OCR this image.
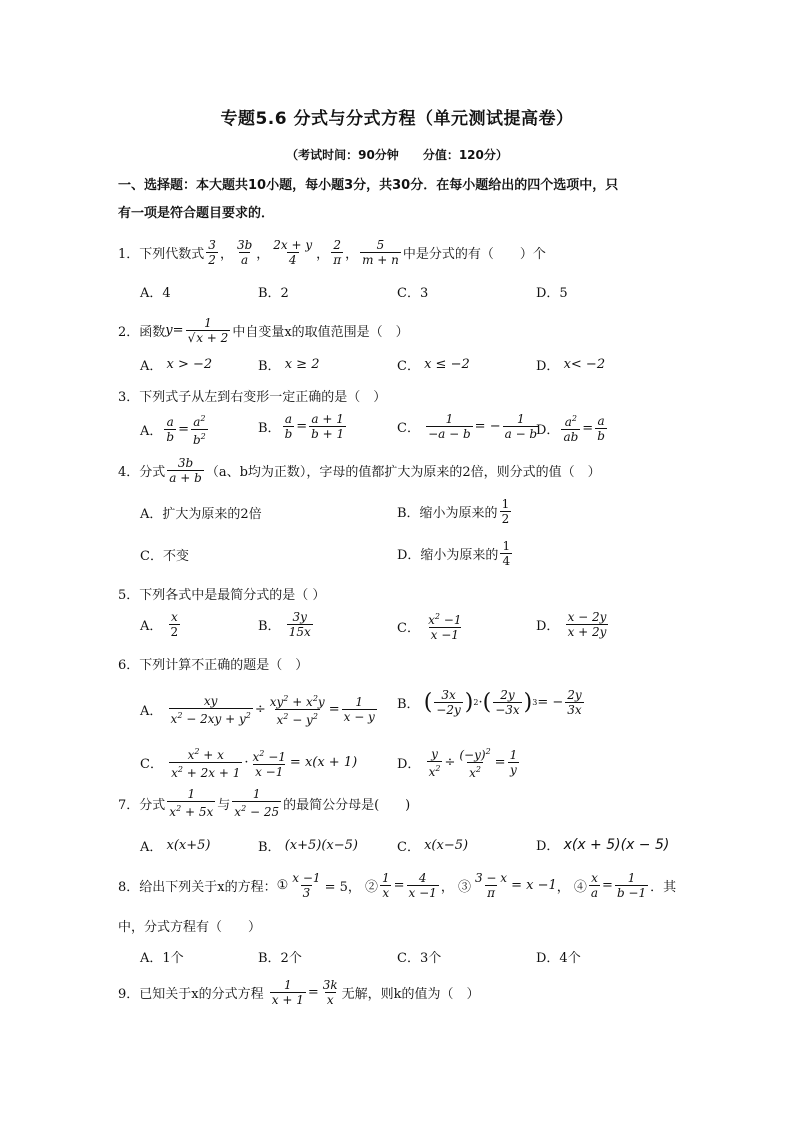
专题5.6 分式与分式方程（单元测试提高卷）
（考试时间：90分钟 分值：120分）
一、选择题：本大题共10小题，每小题3分，共30分．在每小题给出的四个选项中，只
有一项是符合题目要求的．
1． 下列代数式 $\frac{3}{2}$ ， $\frac{3b}{a}$ ， $\frac{2x + y}{4}$ ， $\frac{2}{\pi}$ ， $\frac{5}{m + n}$ 中是分式的有（　　）个
A．4	B．2	C．3	D．5
2． 函数 $y = \frac{1}{√x + 2}$ 中自变量x的取值范围是（　）
A．
x > −2	B．
x ≥ 2	C．
x ≤ −2	D．
x< −2
3． 下列式子从左到右变形一定正确的是（　）
A． $\frac{a}{b} = \frac{a^2}{b^2}$	B． $\frac{a}{b} = \frac{a + 1}{b + 1}$	C．
$\frac{1}{-a - b}$ = − $\frac{1}{a - b}$
D． $\frac{a^2}{ab} = \frac{a}{b}$
4． 分式 $\frac{3b}{a + b} (a$、b均为正数），字母的值都扩大为原来的2倍，则分式的值（　）
A．扩大为原来的2倍	B．缩小为原来的 $\frac{1}{2}$
C．不变	D．缩小为原来的 $\frac{1}{4}$
5． 下列各式中是最简分式的是（ ）
A．
$\frac{x}{2}$	B．
$\frac{3y}{15x}$	C．
$\frac{x^2 -1}{x -1}$	D．
$\frac{x - 2y}{x + 2y}$
6． 下列计算不正确的题是（　）
A．
$\frac{xy}{x^2 - 2xy + y^2} \div \frac{xy^2 + x^2y}{x^2 - y^2} = \frac{1}{x - y}$ B．
( $\frac{3x}{-2y}$ ) 2 · ( $\frac{2y}{-3x}$ ) 3 = − $\frac{2y}{3x}$
C．
$\frac{x^2 + x}{x^2 + 2x + 1} \cdot \frac{x^2 -1}{x -1} = x(x + 1)$	D．
$\frac{y}{x^2} \div \frac{(-y)^2}{x^2} = \frac{1}{y}$
7． 分式 $\frac{1}{x^2 + 5x}$ 与 $\frac{1}{x^2 - 25}$ 的最简公分母是(　　)
A．
x(x+5)	B．
(x+5)(x−5)	C．
x(x−5)	D．
x(x + 5)(x − 5)
8． 给出下列关于x的方程： ① $\frac{x -1}{3} = 5$， ② $\frac{1}{x} = \frac{4}{x -1}$ ， ③ $\frac{3 - x}{\pi} = x -1$ ， ④ $\frac{x}{a} = \frac{1}{b -1}$ ．其
中，分式方程有（　　）
A．1个	B．2个	C．3个	D．4个
9． 已知关于x的分式方程
$\frac{1}{x + 1} = \frac{3k}{x}$ 无解，则k的值为（　）
